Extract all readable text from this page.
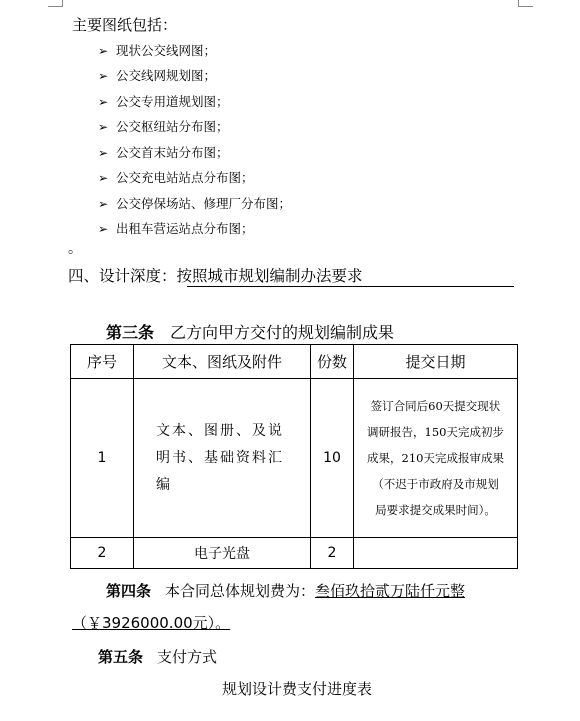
主要图纸包括：
➢ 现状公交线网图；
➢ 公交线网规划图；
➢ 公交专用道规划图；
➢ 公交枢纽站分布图；
➢ 公交首末站分布图；
➢ 公交充电站站点分布图；
➢ 公交停保场站、修理厂分布图；
➢ 出租车营运站点分布图；
。
四、设计深度：按照城市规划编制办法要求
第三条 乙方向甲方交付的规划编制成果
序号	文本、图纸及附件	份数	提交日期
1	文本、图册、及说明书、基础资料汇编	10	签订合同后60天提交现状

调研报告，150天完成初步

成果，210天完成报审成果

（不迟于市政府及市规划

局要求提交成果时间）。

2	电子光盘	2	
第四条 本合同总体规划费为：叁佰玖拾贰万陆仟元整
（￥3926000.00元）。
第五条 支付方式
规划设计费支付进度表
